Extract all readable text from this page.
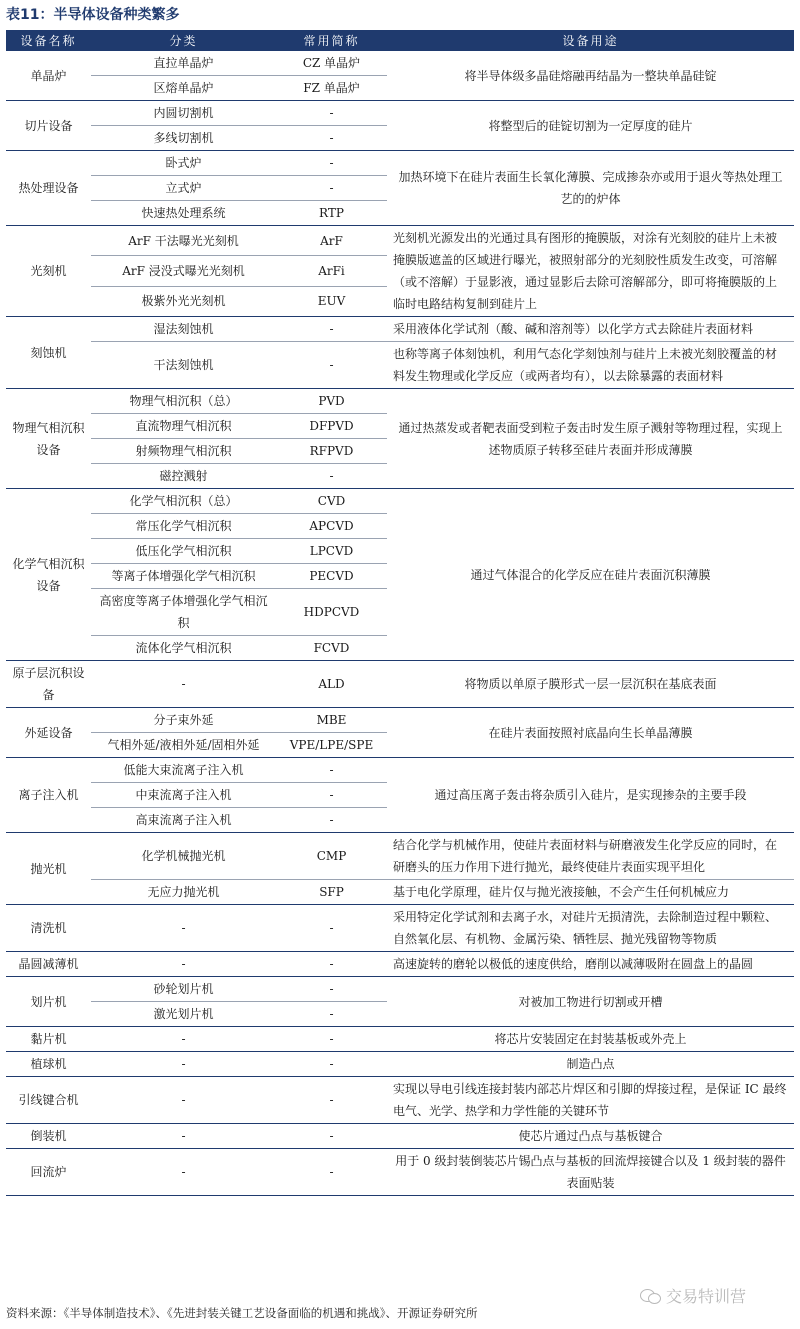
表11：半导体设备种类繁多
设备名称	分类	常用简称	设备用途
单晶炉	直拉单晶炉	CZ 单晶炉	将半导体级多晶硅熔融再结晶为一整块单晶硅锭
	区熔单晶炉	FZ 单晶炉	
切片设备	内圆切割机	-	将整型后的硅锭切割为一定厚度的硅片
	多线切割机	-	
热处理设备	卧式炉	-	加热环境下在硅片表面生长氧化薄膜、完成掺杂亦或用于退火等热处理工艺的的炉体
	立式炉	-	
	快速热处理系统	RTP	
光刻机	ArF 干法曝光光刻机	ArF	光刻机光源发出的光通过具有图形的掩膜版，对涂有光刻胶的硅片上未被掩膜版遮盖的区域进行曝光，被照射部分的光刻胶性质发生改变，可溶解（或不溶解）于显影液，通过显影后去除可溶解部分，即可将掩膜版的上临时电路结构复制到硅片上
	ArF 浸没式曝光光刻机	ArFi	
	极紫外光光刻机	EUV	
刻蚀机	湿法刻蚀机	-	采用液体化学试剂（酸、碱和溶剂等）以化学方式去除硅片表面材料
	干法刻蚀机	-	也称等离子体刻蚀机，利用气态化学刻蚀剂与硅片上未被光刻胶覆盖的材料发生物理或化学反应（或两者均有），以去除暴露的表面材料
物理气相沉积设备	物理气相沉积（总）	PVD	通过热蒸发或者靶表面受到粒子轰击时发生原子溅射等物理过程，实现上述物质原子转移至硅片表面并形成薄膜
	直流物理气相沉积	DFPVD	
	射频物理气相沉积	RFPVD	
	磁控溅射	-	
化学气相沉积设备	化学气相沉积（总）	CVD	通过气体混合的化学反应在硅片表面沉积薄膜
	常压化学气相沉积	APCVD	
	低压化学气相沉积	LPCVD	
	等离子体增强化学气相沉积	PECVD	
	高密度等离子体增强化学气相沉积	HDPCVD	
	流体化学气相沉积	FCVD	
原子层沉积设备	-	ALD	将物质以单原子膜形式一层一层沉积在基底表面
外延设备	分子束外延	MBE	在硅片表面按照衬底晶向生长单晶薄膜
	气相外延/液相外延/固相外延	VPE/LPE/SPE	
离子注入机	低能大束流离子注入机	-	通过高压离子轰击将杂质引入硅片，是实现掺杂的主要手段
	中束流离子注入机	-	
	高束流离子注入机	-	
抛光机	化学机械抛光机	CMP	结合化学与机械作用，使硅片表面材料与研磨液发生化学反应的同时，在研磨头的压力作用下进行抛光，最终使硅片表面实现平坦化
	无应力抛光机	SFP	基于电化学原理，硅片仅与抛光液接触，不会产生任何机械应力
清洗机	-	-	采用特定化学试剂和去离子水，对硅片无损清洗，去除制造过程中颗粒、自然氧化层、有机物、金属污染、牺牲层、抛光残留物等物质
晶圆减薄机	-	-	高速旋转的磨轮以极低的速度供给，磨削以减薄吸附在圆盘上的晶圆
划片机	砂轮划片机	-	对被加工物进行切割或开槽
	激光划片机	-	
黏片机	-	-	将芯片安装固定在封装基板或外壳上
植球机	-	-	制造凸点
引线键合机	-	-	实现以导电引线连接封装内部芯片焊区和引脚的焊接过程，是保证 IC 最终电气、光学、热学和力学性能的关键环节
倒装机	-	-	使芯片通过凸点与基板键合
回流炉	-	-	用于 0 级封装倒装芯片锡凸点与基板的回流焊接键合以及 1 级封装的器件表面贴装
资料来源：《半导体制造技术》、《先进封装关键工艺设备面临的机遇和挑战》、开源证券研究所
交易特训营
